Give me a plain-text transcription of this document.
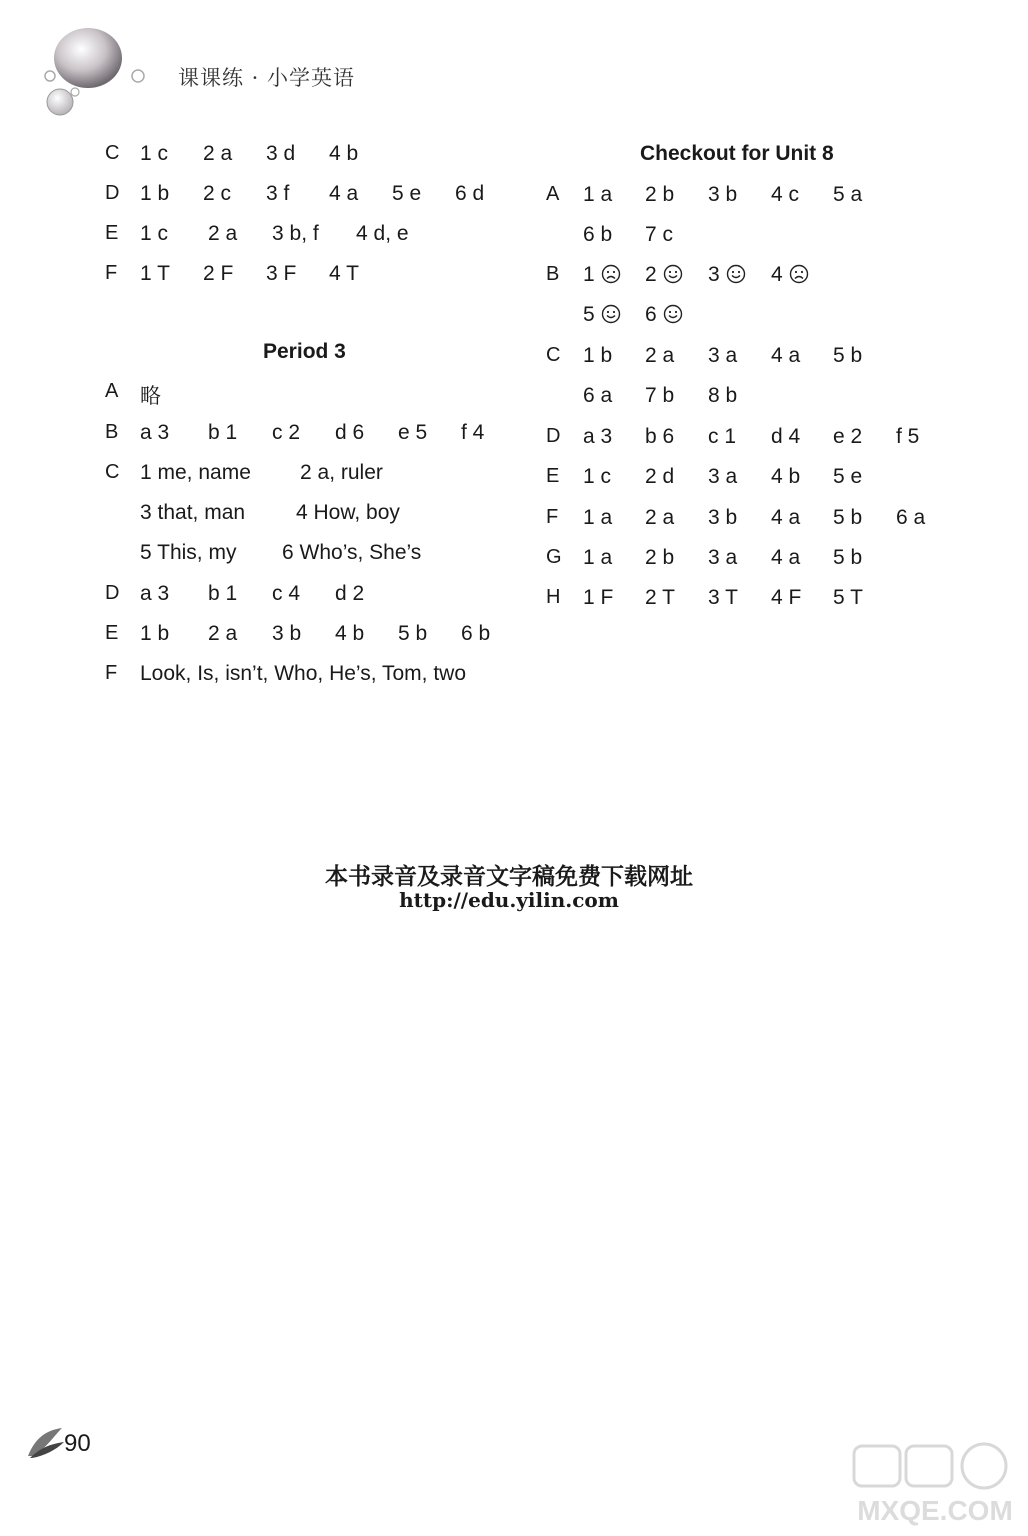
课课练 · 小学英语
C 1 c 2 a 3 d 4 b
D 1 b 2 c 3 f 4 a 5 e 6 d
E	1 c 2 a 3 b, f 4 d, e
F	1 T 2 F 3 F 4 T
Period 3
A	略
B	a 3 b 1 c 2 d 6 e 5 f 4
C 1 me, name 2 a, ruler
3 that, man 4 How, boy
5 This, my 6 Who’s, She’s
D a 3 b 1 c 4 d 2
E	1 b 2 a 3 b 4 b 5 b 6 b
F	Look, Is, isn’t, Who, He’s, Tom, two
Checkout for Unit 8
A	1 a 2 b 3 b 4 c 5 a
6 b 7 c
B	1	2	3	4
5	6
C 1 b 2 a 3 a 4 a 5 b
6 a 7 b 8 b
D a 3 b 6 c 1 d 4 e 2 f 5
E	1 c 2 d 3 a 4 b 5 e
F	1 a 2 a 3 b 4 a 5 b 6 a
G 1 a 2 b 3 a 4 a 5 b
H 1 F 2 T 3 T 4 F 5 T
本书录音及录音文字稿免费下载网址
http://edu.yilin.com
90
MXQE.COM
